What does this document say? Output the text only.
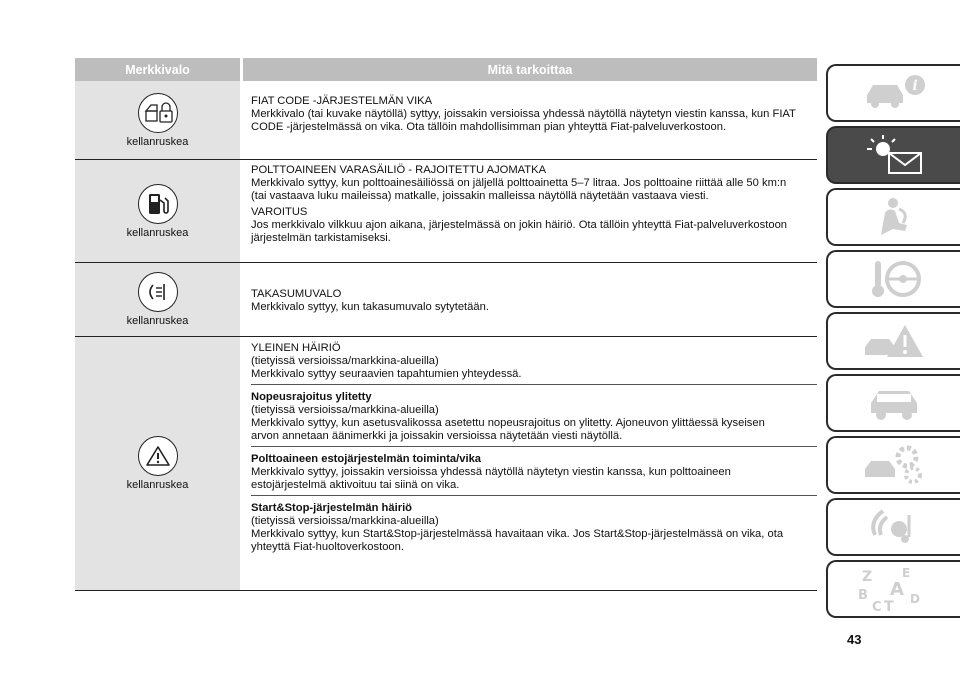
Merkkivalo	Mitä tarkoittaa
kellanruskea
FIAT CODE -JÄRJESTELMÄN VIKA
Merkkivalo (tai kuvake näytöllä) syttyy, joissakin versioissa yhdessä näytöllä näytetyn viestin kanssa, kun FIAT
CODE -järjestelmässä on vika. Ota tällöin mahdollisimman pian yhteyttä Fiat-palveluverkostoon.
kellanruskea
POLTTOAINEEN VARASÄILIÖ - RAJOITETTU AJOMATKA
Merkkivalo syttyy, kun polttoainesäiliössä on jäljellä polttoainetta 5–7 litraa. Jos polttoaine riittää alle 50 km:n
(tai vastaava luku maileissa) matkalle, joissakin malleissa näytöllä näytetään vastaava viesti.
VAROITUS
Jos merkkivalo vilkkuu ajon aikana, järjestelmässä on jokin häiriö. Ota tällöin yhteyttä Fiat-palveluverkostoon
järjestelmän tarkistamiseksi.
kellanruskea
TAKASUMUVALO
Merkkivalo syttyy, kun takasumuvalo sytytetään.
kellanruskea
YLEINEN HÄIRIÖ
(tietyissä versioissa/markkina-alueilla)
Merkkivalo syttyy seuraavien tapahtumien yhteydessä.
Nopeusrajoitus ylitetty
(tietyissä versioissa/markkina-alueilla)
Merkkivalo syttyy, kun asetusvalikossa asetettu nopeusrajoitus on ylitetty. Ajoneuvon ylittäessä kyseisen
arvon annetaan äänimerkki ja joissakin versioissa näytetään viesti näytöllä.
Polttoaineen estojärjestelmän toiminta/vika
Merkkivalo syttyy, joissakin versioissa yhdessä näytöllä näytetyn viestin kanssa, kun polttoaineen
estojärjestelmä aktivoituu tai siinä on vika.
Start&Stop-järjestelmän häiriö
(tietyissä versioissa/markkina-alueilla)
Merkkivalo syttyy, kun Start&Stop-järjestelmässä havaitaan vika. Jos Start&Stop-järjestelmässä on vika, ota
yhteyttä Fiat-huoltoverkostoon.
i
Z E
B A
C T D
43
